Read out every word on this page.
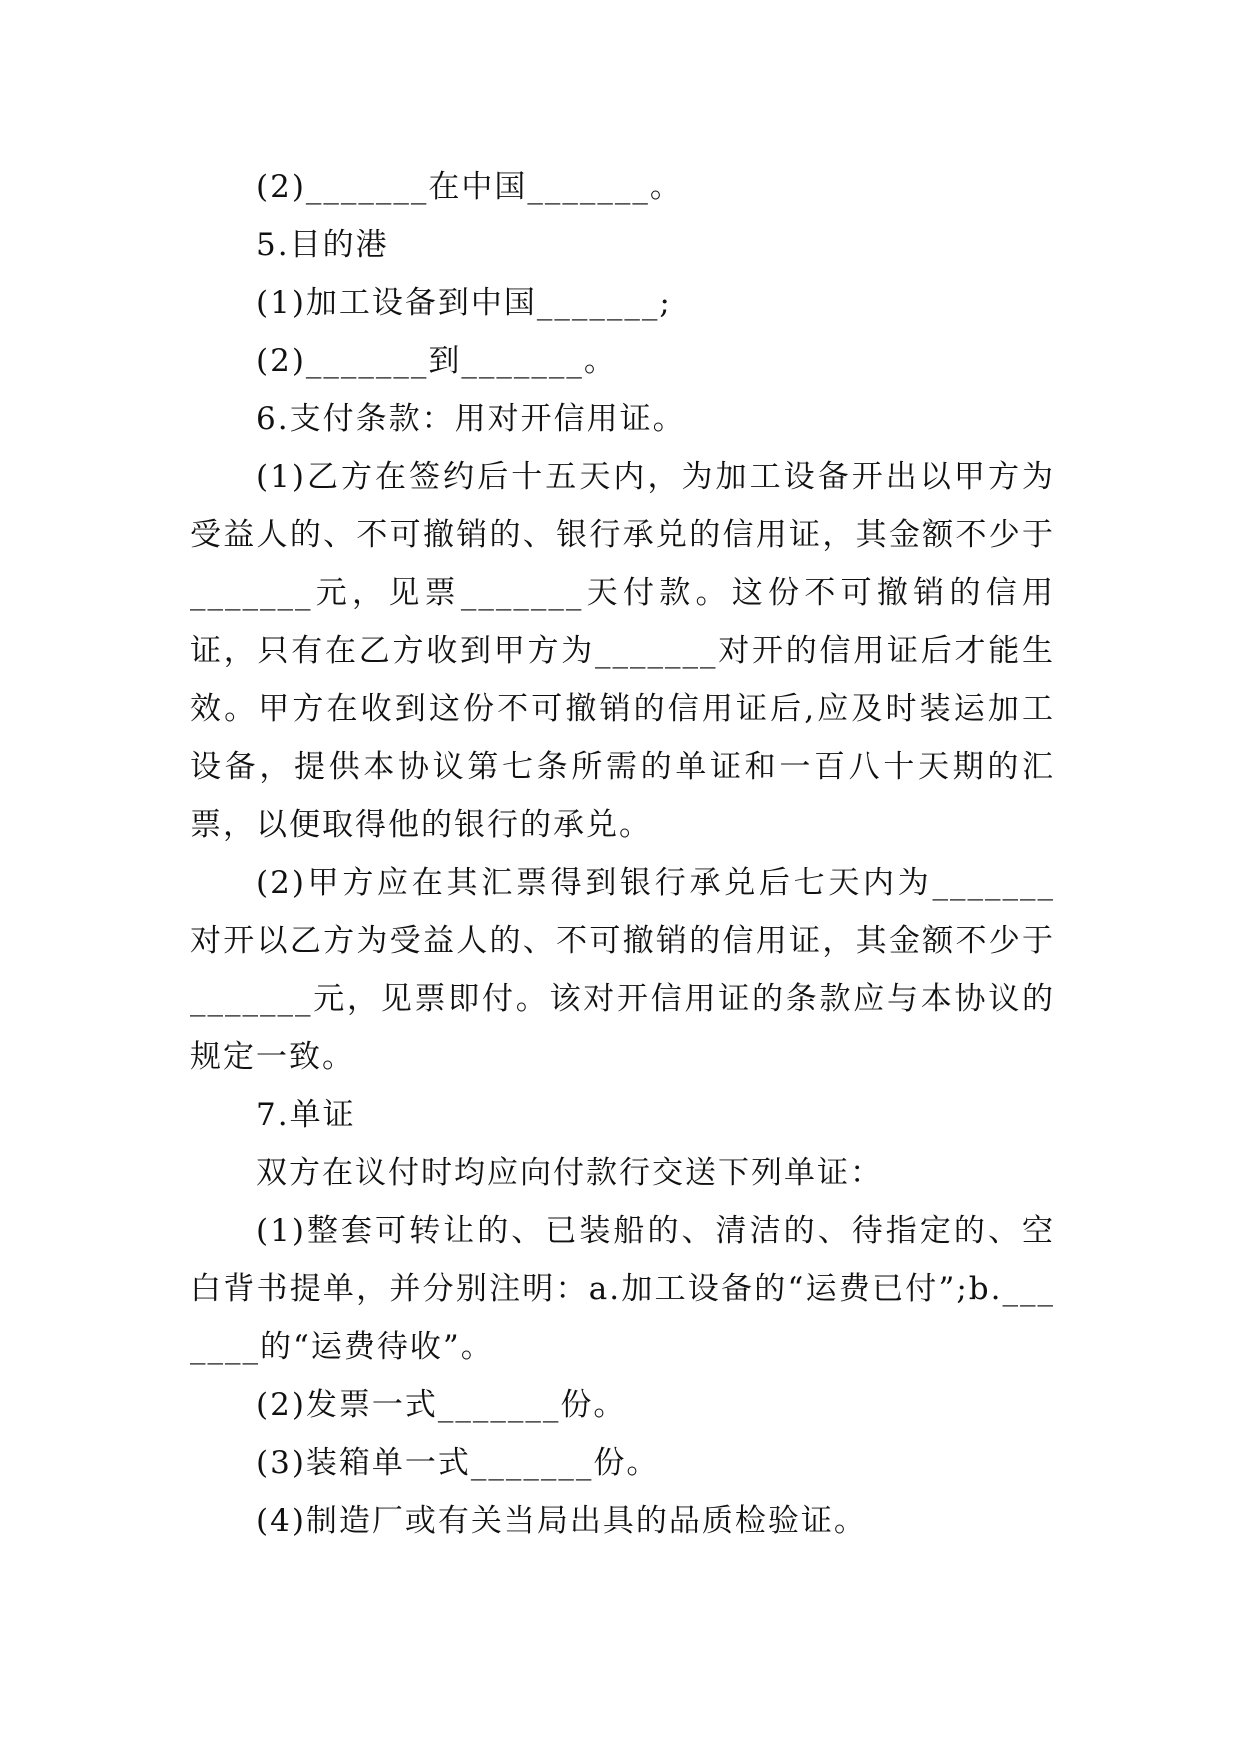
(2)_______在中国_______。

5.目的港

(1)加工设备到中国_______;

(2)_______到_______。

6.支付条款：用对开信用证。

(1)乙方在签约后十五天内，为加工设备开出以甲方为受益人的、不可撤销的、银行承兑的信用证，其金额不少于_______元，见票_______天付款。这份不可撤销的信用证，只有在乙方收到甲方为_______对开的信用证后才能生效。甲方在收到这份不可撤销的信用证后,应及时装运加工设备，提供本协议第七条所需的单证和一百八十天期的汇票，以便取得他的银行的承兑。

(2)甲方应在其汇票得到银行承兑后七天内为_______对开以乙方为受益人的、不可撤销的信用证，其金额不少于_______元，见票即付。该对开信用证的条款应与本协议的规定一致。

7.单证

双方在议付时均应向付款行交送下列单证：

(1)整套可转让的、已装船的、清洁的、待指定的、空白背书提单，并分别注明：a.加工设备的“运费已付”;b._______的“运费待收”。

(2)发票一式_______份。

(3)装箱单一式_______份。

(4)制造厂或有关当局出具的品质检验证。
